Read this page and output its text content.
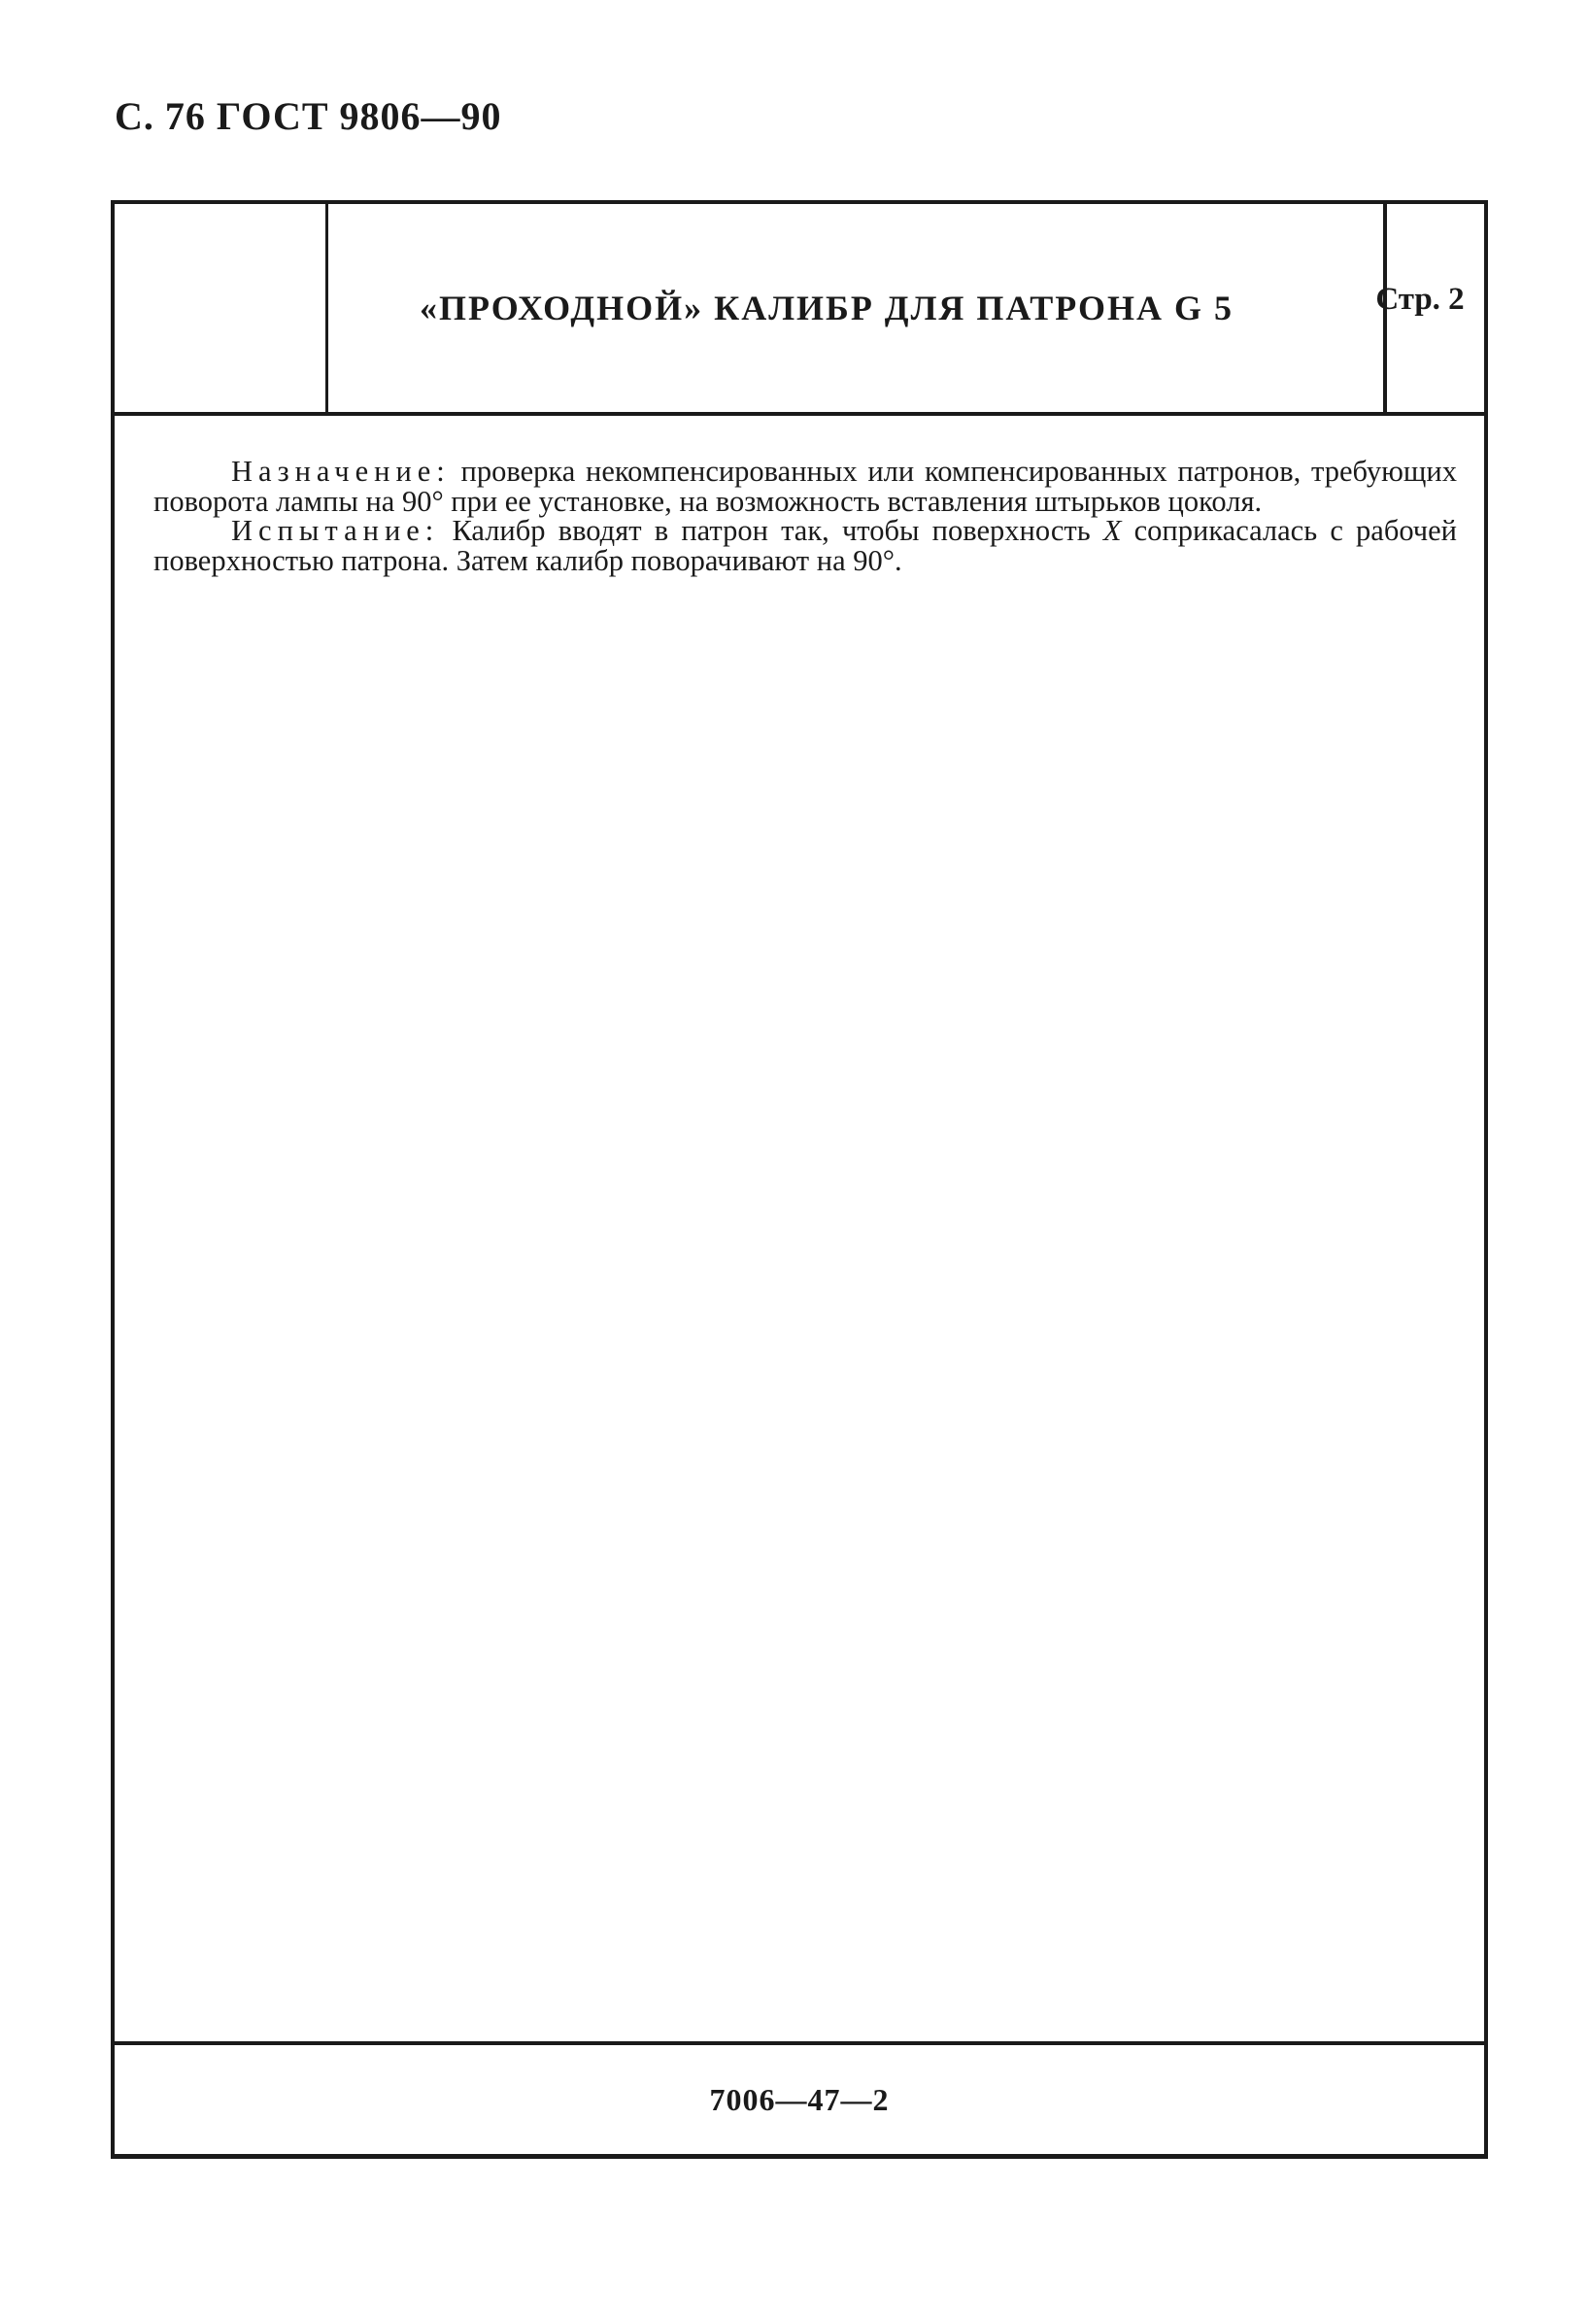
С. 76 ГОСТ 9806—90
«ПРОХОДНОЙ» КАЛИБР ДЛЯ ПАТРОНА G 5	Стр. 2

Назначение: проверка некомпенсированных или компенсированных патронов, требующих поворота лампы на 90° при ее установке, на возможность вставления штырьков цоколя.

Испытание: Калибр вводят в патрон так, чтобы поверхность X соприкасалась с рабочей поверхностью патрона. Затем калибр поворачивают на 90°.

7006—47—2
